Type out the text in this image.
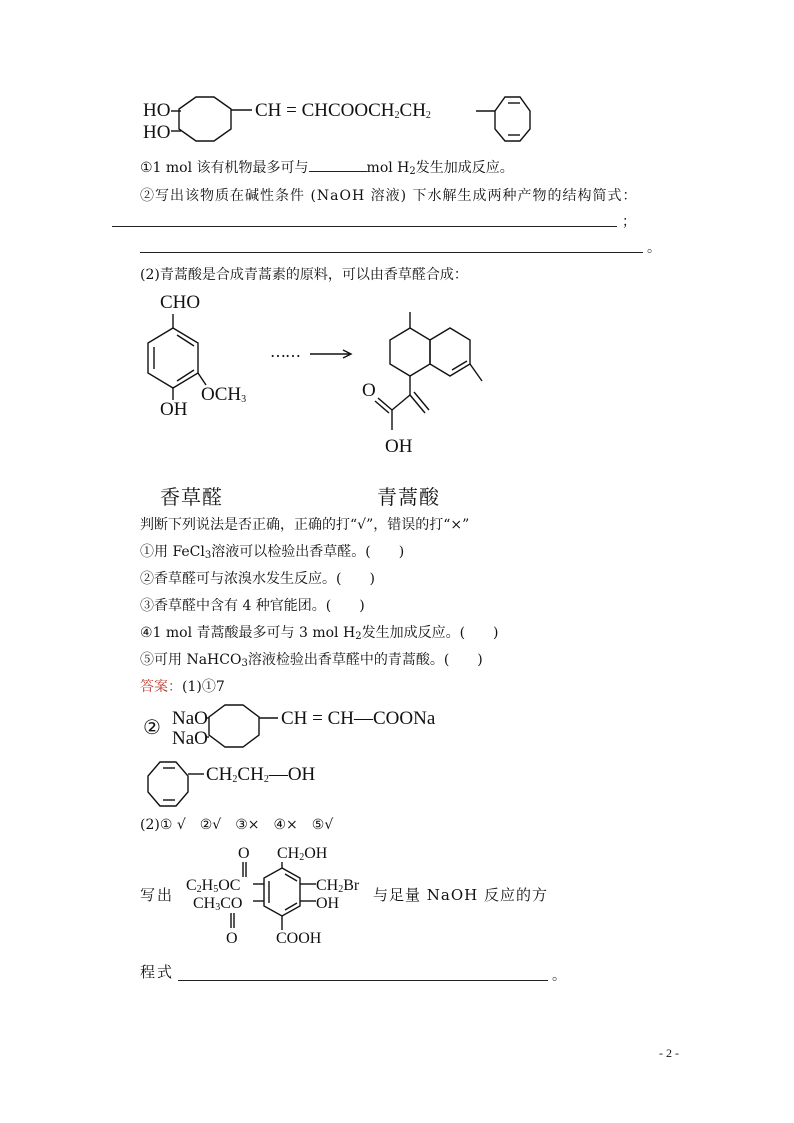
HO
HO
CH = $CHCOOCH_2CH_2$
①1 mol 该有机物最多可与	mol $H_2$发生加成反应。
②写出该物质在碱性条件 (NaOH 溶液) 下水解生成两种产物的结构简式：
；
。
(2)青蒿酸是合成青蒿素的原料，可以由香草醛合成：
CHO
OH
$OCH_3$
……
O
OH
香草醛	青蒿酸
判断下列说法是否正确，正确的打“√”，错误的打“×”
①用 FeCl$_3$溶液可以检验出香草醛。(　　)
②香草醛可与浓溴水发生反应。(　　)
③香草醛中含有 4 种官能团。(　　)
④1 mol 青蒿酸最多可与 3 mol $H_2$发生加成反应。(　　)
⑤可用 NaHCO$_3$溶液检验出香草醛中的青蒿酸。(　　)
答案：(1)①7
② NaO
NaO
CH = CH—COONa
$CH_2CH_2—OH$
(2)① √　②√　③×　④×　⑤√
写出
O $CH_2OH$
$C_2H_5OC$	$CH_2Br$
$CH_3CO$	OH
O COOH
与足量 NaOH 反应的方
程式	。
- 2 -
